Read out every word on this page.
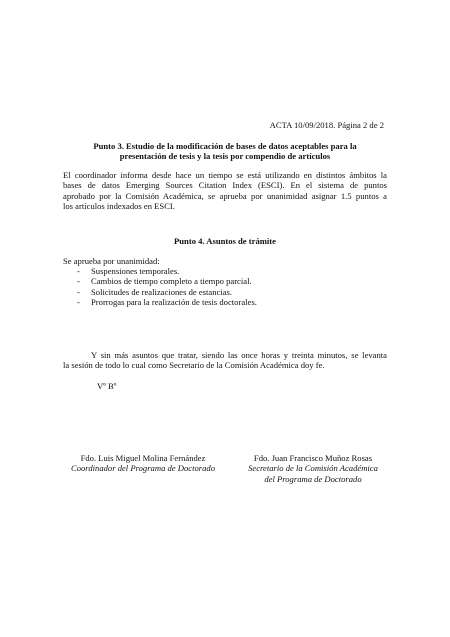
ACTA 10/09/2018. Página 2 de 2

Punto 3. Estudio de la modificación de bases de datos aceptables para la
presentación de tesis y la tesis por compendio de artículos
El coordinador informa desde hace un tiempo se está utilizando en distintos ámbitos la
bases de datos Emerging Sources Citation Index (ESCI). En el sistema de puntos
aprobado por la Comisión Académica, se aprueba por unanimidad asignar 1.5 puntos a
los artículos indexados en ESCI.
Punto 4. Asuntos de trámite

Se aprueba por unanimidad:

- Suspensiones temporales.
- Cambios de tiempo completo a tiempo parcial.
- Solicitudes de realizaciones de estancias.
- Prorrogas para la realización de tesis doctorales.
Y sin más asuntos que tratar, siendo las once horas y treinta minutos, se levanta
la sesión de todo lo cual como Secretario de la Comisión Académica doy fe.

Vº Bº

Fdo. Luis Miguel Molina Fernández
Coordinador del Programa de Doctorado
Fdo. Juan Francisco Muñoz Rosas
Secretario de la Comisión Académica
del Programa de Doctorado
